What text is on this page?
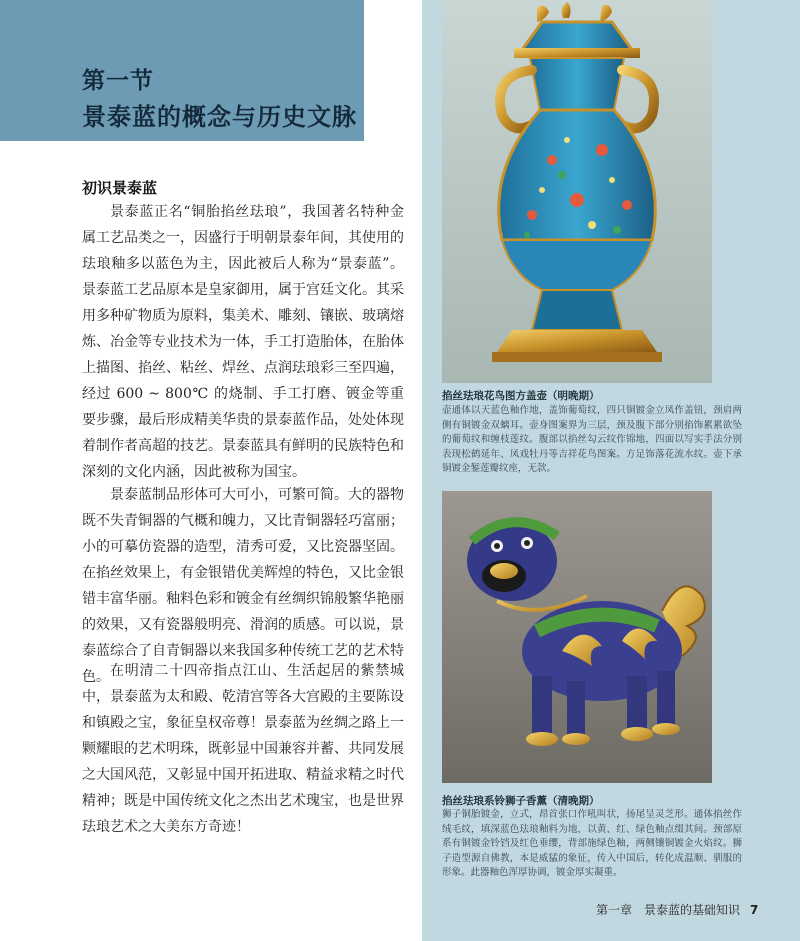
第一节
景泰蓝的概念与历史文脉
初识景泰蓝

景泰蓝正名“铜胎掐丝珐琅”，我国著名特种金属工艺品类之一，因盛行于明朝景泰年间，其使用的珐琅釉多以蓝色为主，因此被后人称为“景泰蓝”。景泰蓝工艺品原本是皇家御用，属于宫廷文化。其采用多种矿物质为原料，集美术、雕刻、镶嵌、玻璃熔炼、冶金等专业技术为一体，手工打造胎体，在胎体上描图、掐丝、粘丝、焊丝、点润珐琅彩三至四遍，经过 600 ~ 800℃ 的烧制、手工打磨、镀金等重要步骤，最后形成精美华贵的景泰蓝作品，处处体现着制作者高超的技艺。景泰蓝具有鲜明的民族特色和深刻的文化内涵，因此被称为国宝。

景泰蓝制品形体可大可小，可繁可简。大的器物既不失青铜器的气概和魄力，又比青铜器轻巧富丽；小的可摹仿瓷器的造型，清秀可爱，又比瓷器坚固。在掐丝效果上，有金银错优美辉煌的特色，又比金银错丰富华丽。釉料色彩和镀金有丝绸织锦般繁华艳丽的效果，又有瓷器般明亮、滑润的质感。可以说，景泰蓝综合了自青铜器以来我国多种传统工艺的艺术特色。 在明清二十四帝指点江山、生活起居的紫禁城中，景泰蓝为太和殿、乾清宫等各大宫殿的主要陈设和镇殿之宝，象征皇权帝尊！景泰蓝为丝绸之路上一颗耀眼的艺术明珠，既彰显中国兼容并蓄、共同发展之大国风范，又彰显中国开拓进取、精益求精之时代精神；既是中国传统文化之杰出艺术瑰宝，也是世界珐琅艺术之大美东方奇迹！

掐丝珐琅花鸟图方盖壶（明晚期）

壶通体以天蓝色釉作地，盖饰葡萄纹，四只铜镀金立凤作盖钮，颈肩两侧有铜镀金双螭耳。壶身图案界为三层，颈及腹下部分别掐饰累累欲坠的葡萄纹和缠枝莲纹。腹部以掐丝勾云纹作锦地，四面以写实手法分别表现松鹤延年、凤戏牡丹等吉祥花鸟图案。方足饰落花流水纹。壶下承铜镀金錾莲瓣纹座，无款。

掐丝珐琅系铃狮子香薰（清晚期）

狮子铜胎镀金，立式，昂首张口作吼叫状，扬尾呈灵芝形。通体掐丝作绒毛纹，填深蓝色珐琅釉料为地，以黄、红、绿色釉点缀其间。颈部原系有铜镀金铃铛及红色垂缨，背部施绿色釉，两侧镶铜镀金火焰纹。狮子造型源自佛教，本是威猛的象征，传入中国后，转化成温顺、驯服的形象。此器釉色浑厚协调，镀金厚实凝重。

第一章　景泰蓝的基础知识 7
